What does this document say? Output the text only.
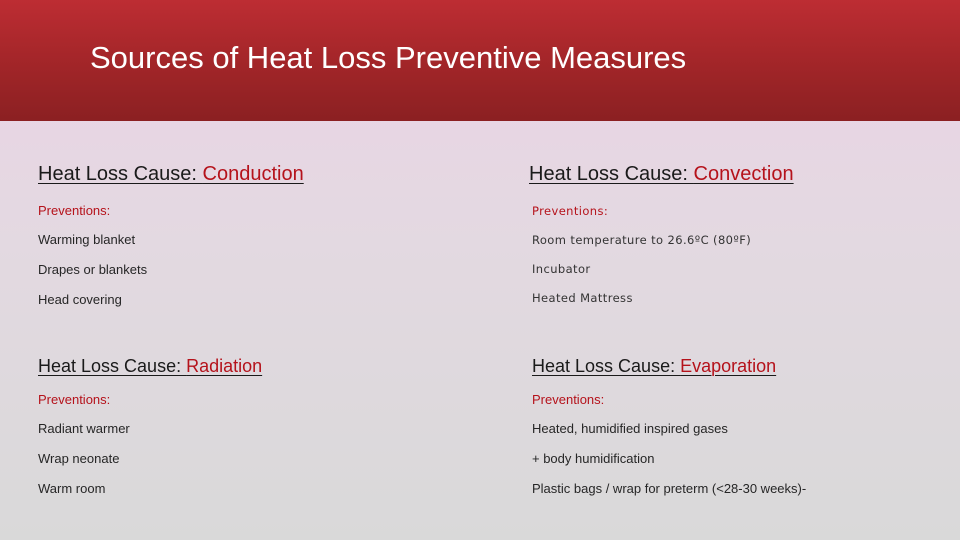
Sources of Heat Loss Preventive Measures
Heat Loss Cause: Conduction
Preventions:
Warming blanket
Drapes or blankets
Head covering
Heat Loss Cause: Convection
Preventions:
Room temperature to 26.6ºC (80ºF)
Incubator
Heated Mattress
Heat Loss Cause: Radiation
Preventions:
Radiant warmer
Wrap neonate
Warm room
Heat Loss Cause: Evaporation
Preventions:
Heated, humidified inspired gases
+ body humidification
Plastic bags / wrap for preterm (<28-30 weeks)-
